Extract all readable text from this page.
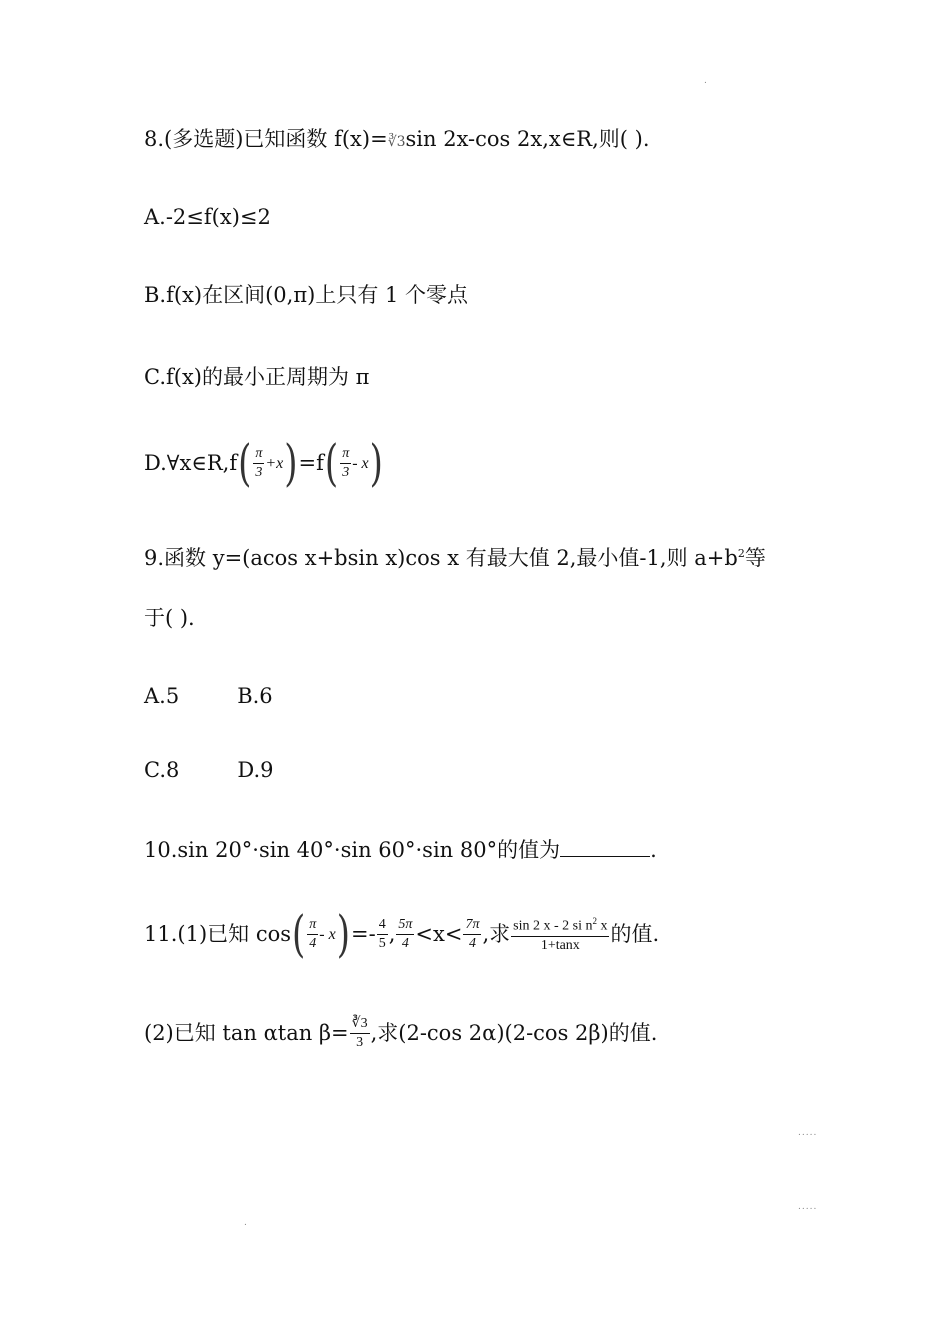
8.(多选题)已知函数 f(x)=∛3sin 2x-cos 2x,x∈R,则( ).
A.-2≤f(x)≤2
B.f(x)在区间(0,π)上只有 1 个零点
C.f(x)的最小正周期为 π
D.∀x∈R,f ( $\frac{\pi}{3} +x$ ) =f ( $\frac{\pi}{3}$ - x )
9.函数 y=(acos x+bsin x)cos x 有最大值 2,最小值-1,则 $a+b^2$等
于( ).
A.5	B.6
C.8	D.9
10.sin 20°·sin 40°·sin 60°·sin 80°的值为	.
11.(1)已知 cos ( $\frac{\pi}{4}$ - x ) =- $\frac{4}{5}$ , $\frac{5\pi}{4} <x< \frac{7\pi}{4}$ ,求 $\frac{\sin 2 x - 2 si n^2 x}{1+\tan x}$ 的值.
(2)已知 tan αtan $\beta= \frac{∛3}{3}$ ,求(2-cos 2α)(2-cos 2β)的值.
.
.....
.....
.
